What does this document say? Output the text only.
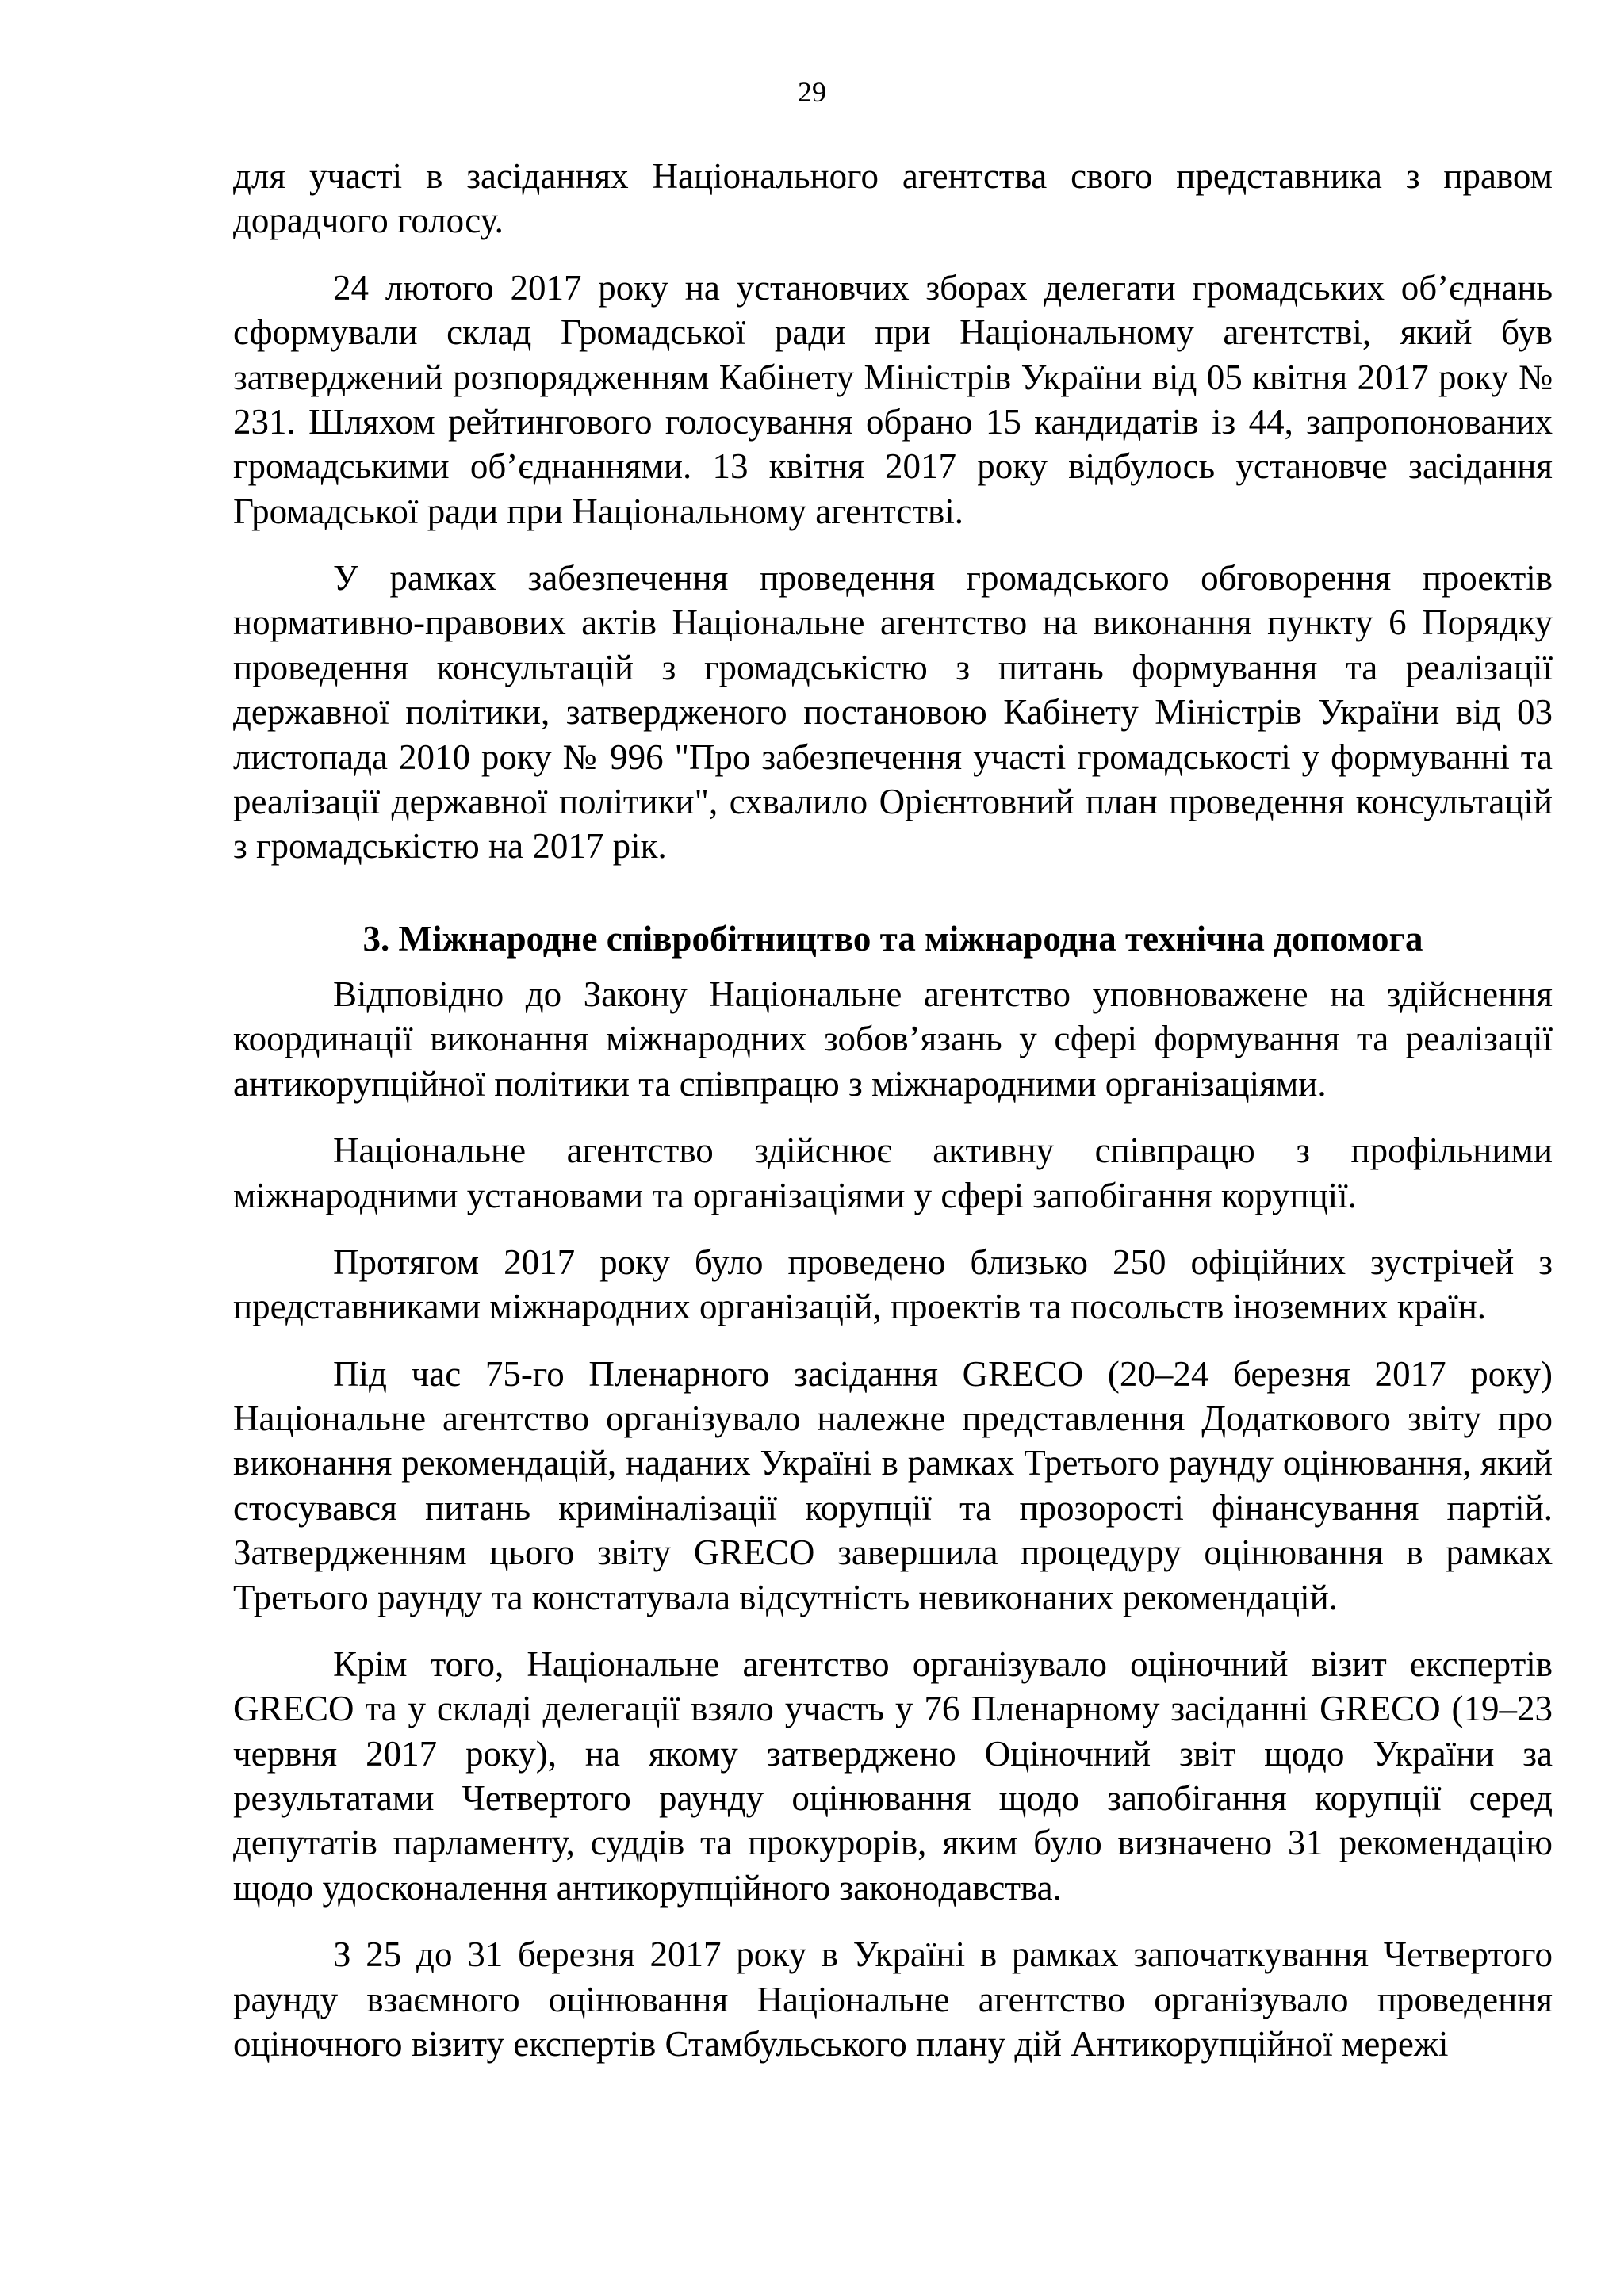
29

для участі в засіданнях Національного агентства свого представника з правом дорадчого голосу.

24 лютого 2017 року на установчих зборах делегати громадських об’єднань сформували склад Громадської ради при Національному агентстві, який був затверджений розпорядженням Кабінету Міністрів України від 05 квітня 2017 року № 231. Шляхом рейтингового голосування обрано 15 кандидатів із 44, запропонованих громадськими об’єднаннями. 13 квітня 2017 року відбулось установче засідання Громадської ради при Національному агентстві.

У рамках забезпечення проведення громадського обговорення проектів нормативно-правових актів Національне агентство на виконання пункту 6 Порядку проведення консультацій з громадськістю з питань формування та реалізації державної політики, затвердженого постановою Кабінету Міністрів України від 03 листопада 2010 року № 996 "Про забезпечення участі громадськості у формуванні та реалізації державної політики", схвалило Орієнтовний план проведення консультацій з громадськістю на 2017 рік.

3. Міжнародне співробітництво та міжнародна технічна допомога

Відповідно до Закону Національне агентство уповноважене на здійснення координації виконання міжнародних зобов’язань у сфері формування та реалізації антикорупційної політики та співпрацю з міжнародними організаціями.

Національне агентство здійснює активну співпрацю з профільними міжнародними установами та організаціями у сфері запобігання корупції.

Протягом 2017 року було проведено близько 250 офіційних зустрічей з представниками міжнародних організацій, проектів та посольств іноземних країн.

Під час 75-го Пленарного засідання GRECO (20–24 березня 2017 року) Національне агентство організувало належне представлення Додаткового звіту про виконання рекомендацій, наданих Україні в рамках Третього раунду оцінювання, який стосувався питань криміналізації корупції та прозорості фінансування партій. Затвердженням цього звіту GRECO завершила процедуру оцінювання в рамках Третього раунду та констатувала відсутність невиконаних рекомендацій.

Крім того, Національне агентство організувало оціночний візит експертів GRECO та у складі делегації взяло участь у 76 Пленарному засіданні GRECO (19–23 червня 2017 року), на якому затверджено Оціночний звіт щодо України за результатами Четвертого раунду оцінювання щодо запобігання корупції серед депутатів парламенту, суддів та прокурорів, яким було визначено 31 рекомендацію щодо удосконалення антикорупційного законодавства.

З 25 до 31 березня 2017 року в Україні в рамках започаткування Четвертого раунду взаємного оцінювання Національне агентство організувало проведення оціночного візиту експертів Стамбульського плану дій Антикорупційної мережі
